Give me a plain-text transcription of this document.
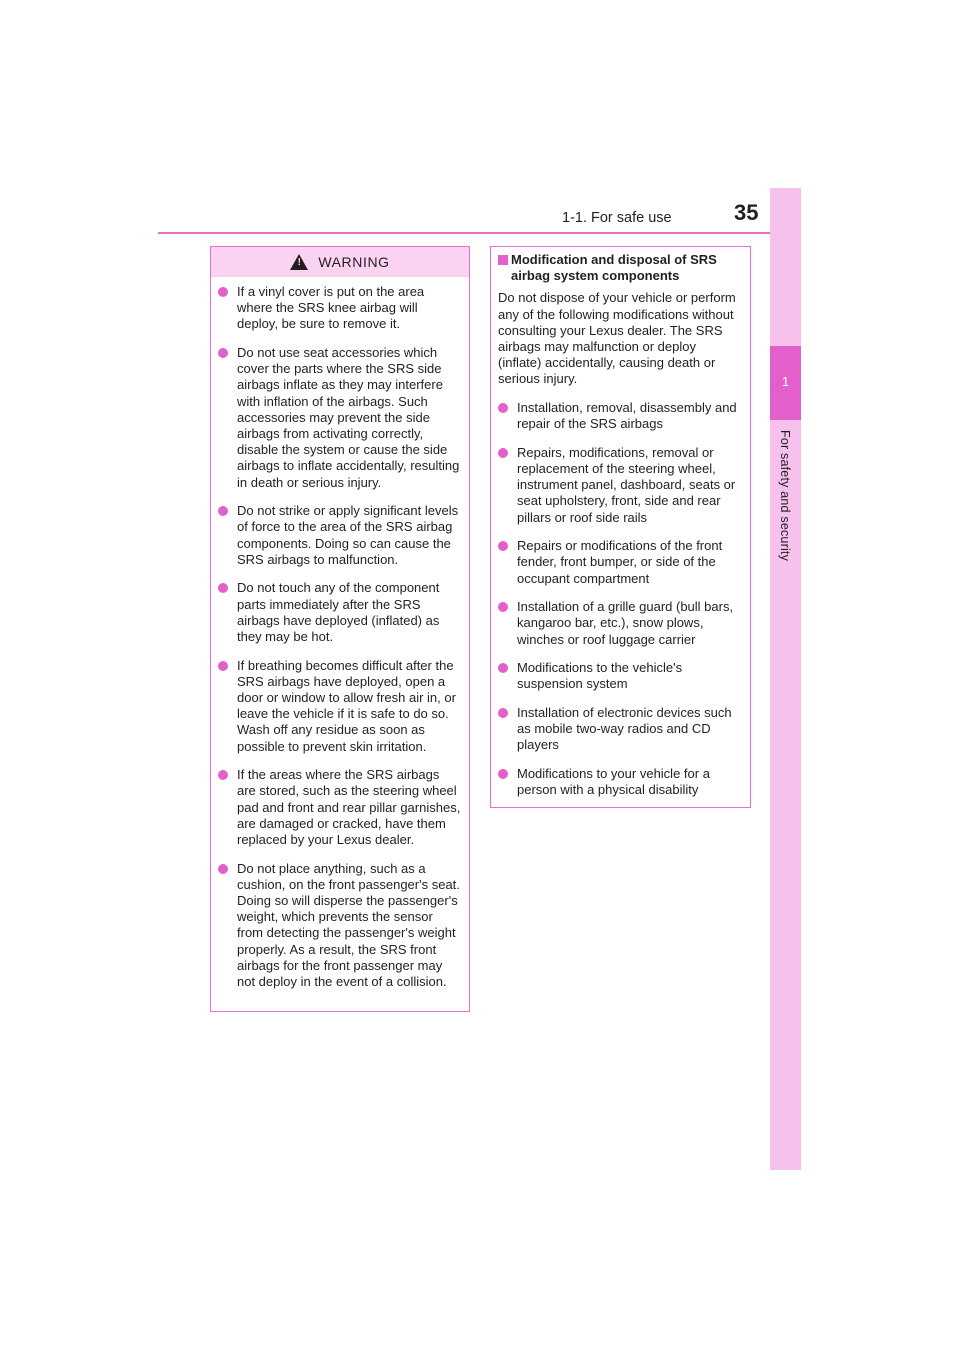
1-1. For safe use	35
1
For safety and security
! WARNING
If a vinyl cover is put on the area where the SRS knee airbag will deploy, be sure to remove it.
Do not use seat accessories which cover the parts where the SRS side airbags inflate as they may interfere with inflation of the airbags. Such accessories may prevent the side airbags from activating correctly, disable the system or cause the side airbags to inflate accidentally, resulting in death or serious injury.
Do not strike or apply significant levels of force to the area of the SRS airbag components. Doing so can cause the SRS airbags to malfunction.
Do not touch any of the component parts immediately after the SRS airbags have deployed (inflated) as they may be hot.
If breathing becomes difficult after the SRS airbags have deployed, open a door or window to allow fresh air in, or leave the vehicle if it is safe to do so. Wash off any residue as soon as possible to prevent skin irritation.
If the areas where the SRS airbags are stored, such as the steering wheel pad and front and rear pillar garnishes, are damaged or cracked, have them replaced by your Lexus dealer.
Do not place anything, such as a cushion, on the front passenger's seat. Doing so will disperse the passenger's weight, which prevents the sensor from detecting the passenger's weight properly. As a result, the SRS front airbags for the front passenger may not deploy in the event of a collision.
Modification and disposal of SRS airbag system components
Do not dispose of your vehicle or perform any of the following modifications without consulting your Lexus dealer. The SRS airbags may malfunction or deploy (inflate) accidentally, causing death or serious injury.
Installation, removal, disassembly and repair of the SRS airbags
Repairs, modifications, removal or replacement of the steering wheel, instrument panel, dashboard, seats or seat upholstery, front, side and rear pillars or roof side rails
Repairs or modifications of the front fender, front bumper, or side of the occupant compartment
Installation of a grille guard (bull bars, kangaroo bar, etc.), snow plows, winches or roof luggage carrier
Modifications to the vehicle's suspension system
Installation of electronic devices such as mobile two-way radios and CD players
Modifications to your vehicle for a person with a physical disability
